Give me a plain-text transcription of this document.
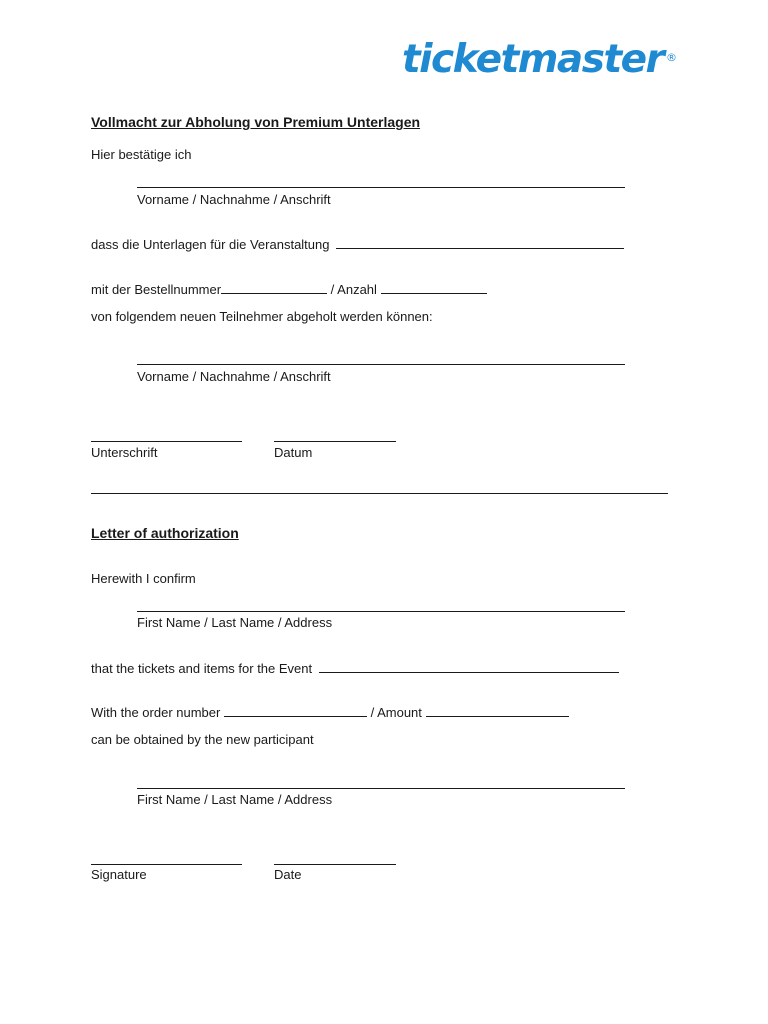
ticketmaster ®
Vollmacht zur Abholung von Premium Unterlagen
Hier bestätige ich
Vorname / Nachnahme / Anschrift
dass die Unterlagen für die Veranstaltung
mit der Bestellnummer	/ Anzahl
von folgendem neuen Teilnehmer abgeholt werden können:
Vorname / Nachnahme / Anschrift
Unterschrift	Datum
Letter of authorization
Herewith I confirm
First Name / Last Name / Address
that the tickets and items for the Event
With the order number	/ Amount
can be obtained by the new participant
First Name / Last Name / Address
Signature	Date
